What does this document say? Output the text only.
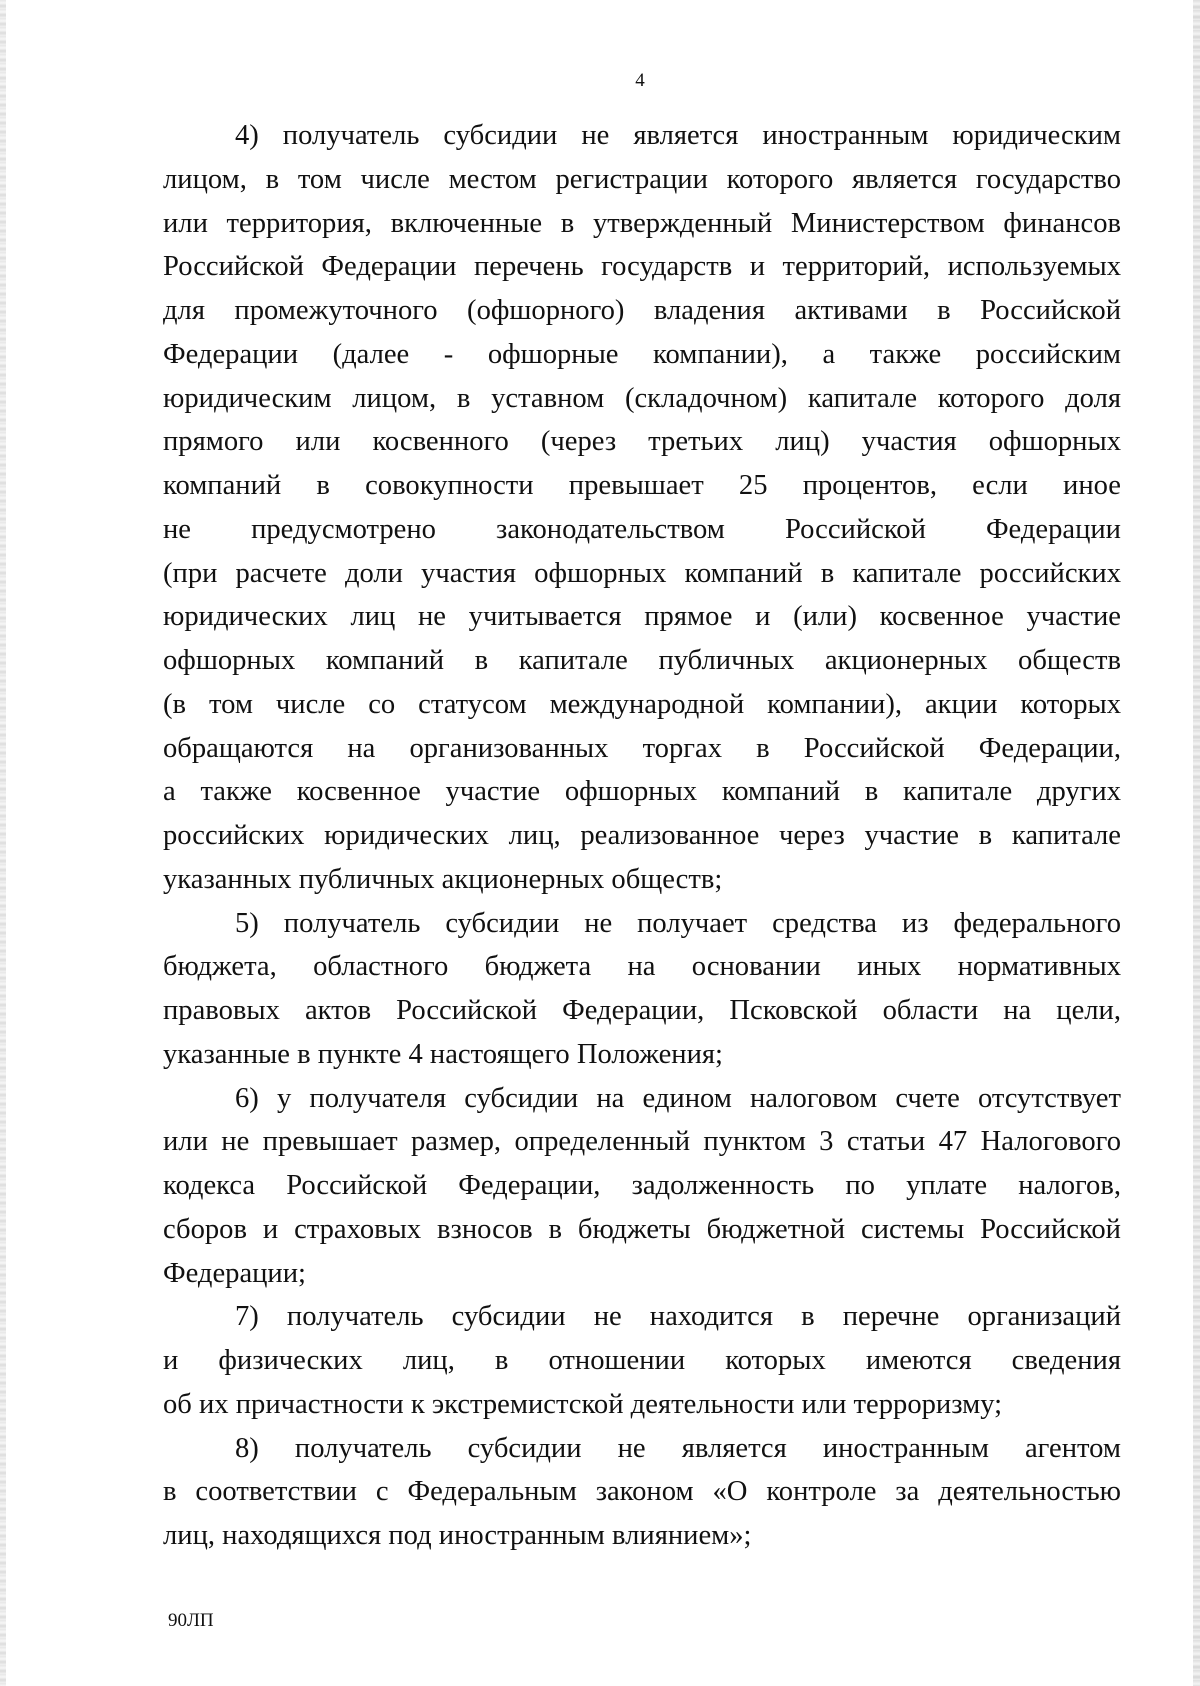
4

4) получатель субсидии не является иностранным юридическим
лицом, в том числе местом регистрации которого является государство
или территория, включенные в утвержденный Министерством финансов
Российской Федерации перечень государств и территорий, используемых
для промежуточного (офшорного) владения активами в Российской
Федерации (далее - офшорные компании), а также российским
юридическим лицом, в уставном (складочном) капитале которого доля
прямого или косвенного (через третьих лиц) участия офшорных
компаний в совокупности превышает 25 процентов, если иное
не предусмотрено законодательством Российской Федерации
(при расчете доли участия офшорных компаний в капитале российских
юридических лиц не учитывается прямое и (или) косвенное участие
офшорных компаний в капитале публичных акционерных обществ
(в том числе со статусом международной компании), акции которых
обращаются на организованных торгах в Российской Федерации,
а также косвенное участие офшорных компаний в капитале других
российских юридических лиц, реализованное через участие в капитале
указанных публичных акционерных обществ;

5) получатель субсидии не получает средства из федерального
бюджета, областного бюджета на основании иных нормативных
правовых актов Российской Федерации, Псковской области на цели,
указанные в пункте 4 настоящего Положения;

6) у получателя субсидии на едином налоговом счете отсутствует
или не превышает размер, определенный пунктом 3 статьи 47 Налогового
кодекса Российской Федерации, задолженность по уплате налогов,
сборов и страховых взносов в бюджеты бюджетной системы Российской
Федерации;

7) получатель субсидии не находится в перечне организаций
и физических лиц, в отношении которых имеются сведения
об их причастности к экстремистской деятельности или терроризму;

8) получатель субсидии не является иностранным агентом
в соответствии с Федеральным законом «О контроле за деятельностью
лиц, находящихся под иностранным влиянием»;

90ЛП
